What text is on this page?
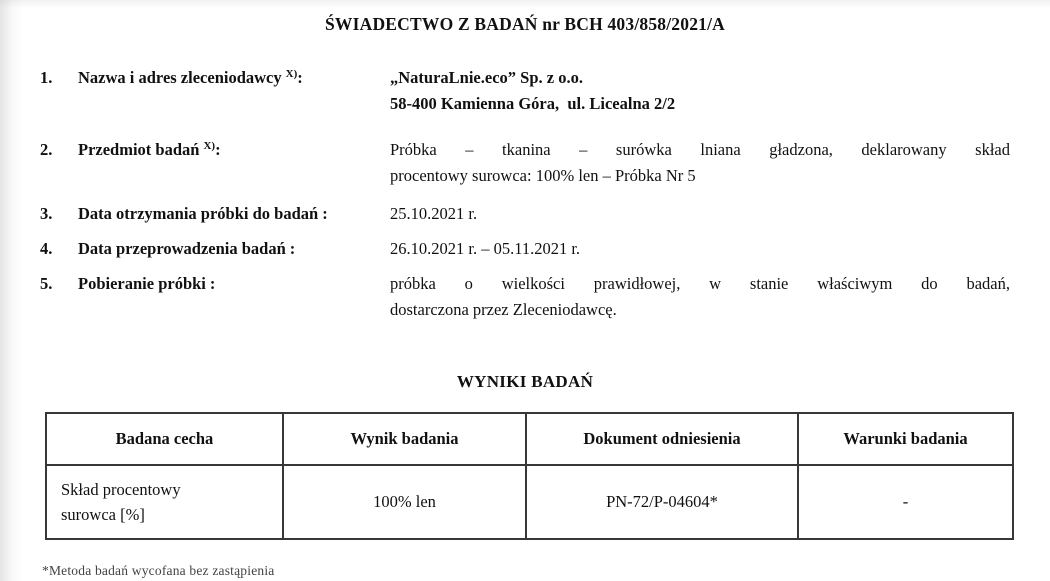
ŚWIADECTWO Z BADAŃ nr BCH 403/858/2021/A
1.	Nazwa i adres zleceniodawcy $^{X)}$:	„NaturaLnie.eco” Sp. z o.o.
58-400 Kamienna Góra,  ul. Licealna 2/2
2.	Przedmiot badań $^{X)}$:	Próbka – tkanina – surówka lniana gładzona, deklarowany skład
procentowy surowca: 100% len – Próbka Nr 5
3.	Data otrzymania próbki do badań :	25.10.2021 r.
4.	Data przeprowadzenia badań :	26.10.2021 r. – 05.11.2021 r.
5.	Pobieranie próbki :	próbka o wielkości prawidłowej, w stanie właściwym do badań,
dostarczona przez Zleceniodawcę.
WYNIKI BADAŃ
Badana cecha	Wynik badania	Dokument odniesienia	Warunki badania

Skład procentowy surowca [%]	100% len	PN-72/P-04604*	-
*Metoda badań wycofana bez zastąpienia
